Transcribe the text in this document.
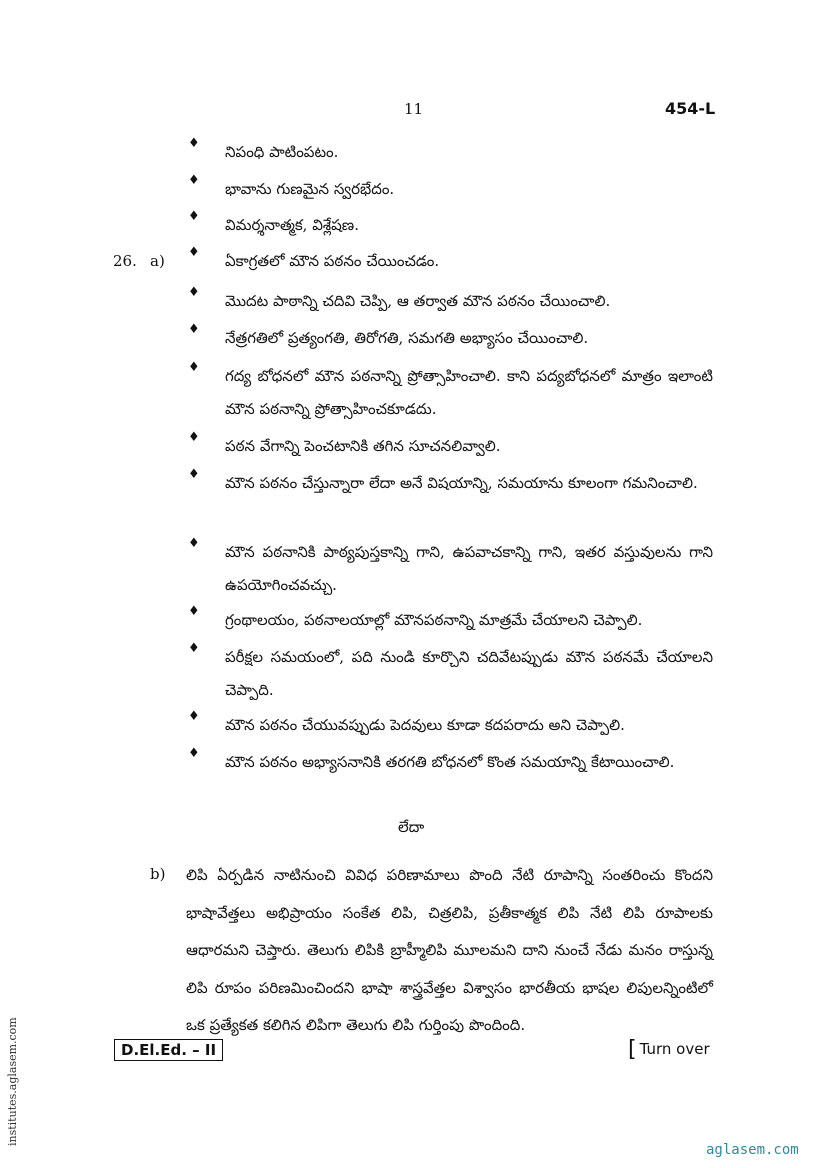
11	454-L
♦ నిపంధి పాటింపటం.
♦ భావాను గుణమైన స్వరభేదం.
♦ విమర్శనాత్మక, విశ్లేషణ.
26. a) ♦ ఏకాగ్రతలో మౌన పఠనం చేయించడం.
♦ మొదట పాఠాన్ని చదివి చెప్పి, ఆ తర్వాత మౌన పఠనం చేయించాలి.
♦ నేత్రగతిలో ప్రత్యంగతి, తిరోగతి, సమగతి అభ్యాసం చేయించాలి.
♦ గద్య బోధనలో మౌన పఠనాన్ని ప్రోత్సాహించాలి. కాని పద్యబోధనలో మాత్రం ఇలాంటి మౌన పఠనాన్ని ప్రోత్సాహించకూడదు.
♦ పఠన వేగాన్ని పెంచటానికి తగిన సూచనలివ్వాలి.
♦ మౌన పఠనం చేస్తున్నారా లేదా అనే విషయాన్ని, సమయాను కూలంగా గమనించాలి.
♦ మౌన పఠనానికి పాఠ్యపుస్తకాన్ని గాని, ఉపవాచకాన్ని గాని, ఇతర వస్తువులను గాని ఉపయోగించవచ్చు.
♦ గ్రంథాలయం, పఠనాలయాల్లో మౌనపఠనాన్ని మాత్రమే చేయాలని చెప్పాలి.
♦ పరీక్షల సమయంలో, పది నుండి కూర్చొని చదివేటప్పుడు మౌన పఠనమే చేయాలని చెప్పాది.
♦ మౌన పఠనం చేయువప్పుడు పెదవులు కూడా కదపరాదు అని చెప్పాలి.
♦ మౌన పఠనం అభ్యాసనానికి తరగతి బోధనలో కొంత సమయాన్ని కేటాయించాలి.
లేదా
b) లిపి ఏర్పడిన నాటినుంచి వివిధ పరిణామాలు పొంది నేటి రూపాన్ని సంతరించు కొందని భాషావేత్తలు అభిప్రాయం సంకేత లిపి, చిత్రలిపి, ప్రతీకాత్మక లిపి నేటి లిపి రూపాలకు ఆధారమని చెప్తారు. తెలుగు లిపికి బ్రాహ్మీలిపి మూలమని దాని నుంచే నేడు మనం రాస్తున్న లిపి రూపం పరిణమించిందని భాషా శాస్త్రవేత్తల విశ్వాసం భారతీయ భాషల లిపులన్నింటిలో ఒక ప్రత్యేకత కలిగిన లిపిగా తెలుగు లిపి గుర్తింపు పొందింది.
D.El.Ed. – II	[ Turn over
institutes.aglasem.com
aglasem.com
